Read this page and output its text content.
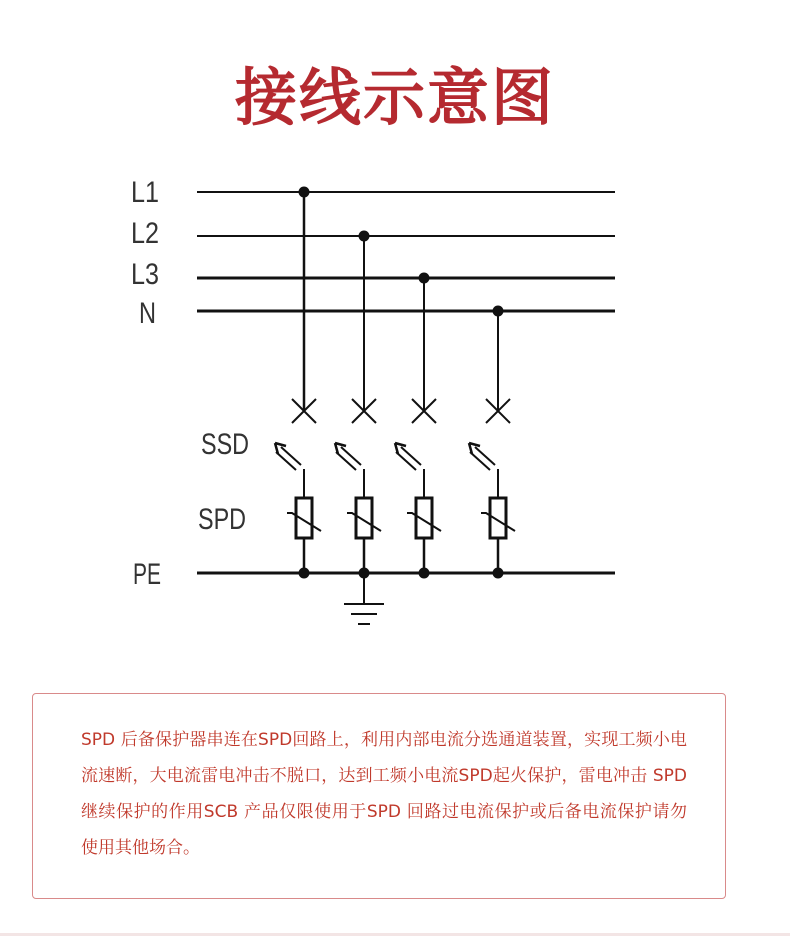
接线示意图
L1
L2
L3
N
SSD
SPD
PE
SPD 后备保护器串连在SPD回路上，利用内部电流分选通道装置，实现工频小电流速断，大电流雷电冲击不脱口，达到工频小电流SPD起火保护，雷电冲击 SPD 继续保护的作用SCB 产品仅限使用于SPD 回路过电流保护或后备电流保护请勿使用其他场合。
